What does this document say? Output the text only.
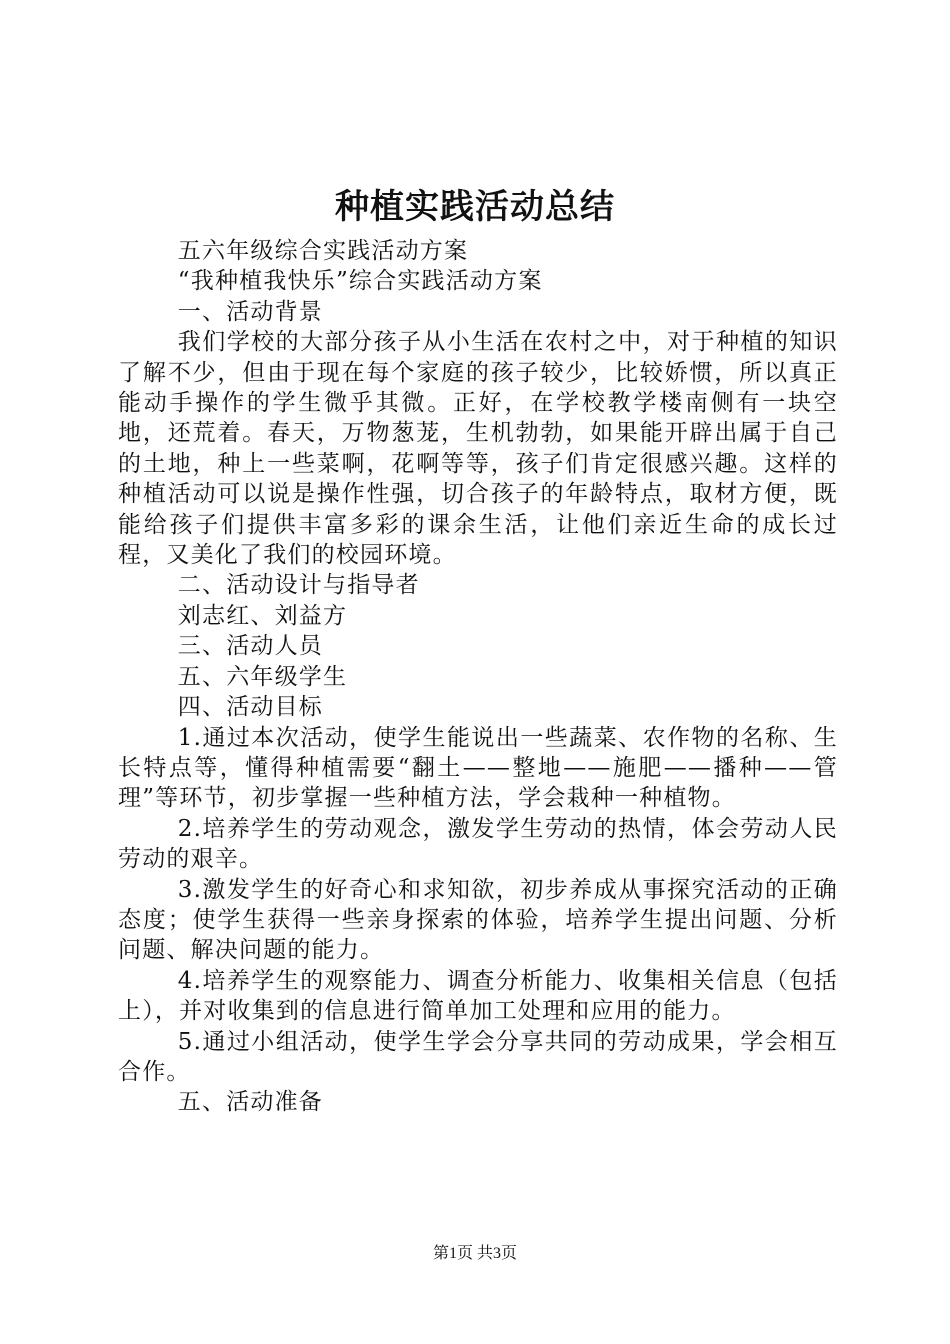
种植实践活动总结

五六年级综合实践活动方案

“我种植我快乐”综合实践活动方案

一、活动背景

我们学校的大部分孩子从小生活在农村之中，对于种植的知识了解不少，但由于现在每个家庭的孩子较少，比较娇惯，所以真正能动手操作的学生微乎其微。正好，在学校教学楼南侧有一块空地，还荒着。春天，万物葱茏，生机勃勃，如果能开辟出属于自己的土地，种上一些菜啊，花啊等等，孩子们肯定很感兴趣。这样的种植活动可以说是操作性强，切合孩子的年龄特点，取材方便，既能给孩子们提供丰富多彩的课余生活，让他们亲近生命的成长过程，又美化了我们的校园环境。

二、活动设计与指导者

刘志红、刘益方

三、活动人员

五、六年级学生

四、活动目标

1.通过本次活动，使学生能说出一些蔬菜、农作物的名称、生长特点等，懂得种植需要“翻土——整地——施肥——播种——管理”等环节，初步掌握一些种植方法，学会栽种一种植物。

2.培养学生的劳动观念，激发学生劳动的热情，体会劳动人民劳动的艰辛。

3.激发学生的好奇心和求知欲，初步养成从事探究活动的正确态度；使学生获得一些亲身探索的体验，培养学生提出问题、分析问题、解决问题的能力。

4.培养学生的观察能力、调查分析能力、收集相关信息（包括上），并对收集到的信息进行简单加工处理和应用的能力。

5.通过小组活动，使学生学会分享共同的劳动成果，学会相互合作。

五、活动准备

第1页 共3页
